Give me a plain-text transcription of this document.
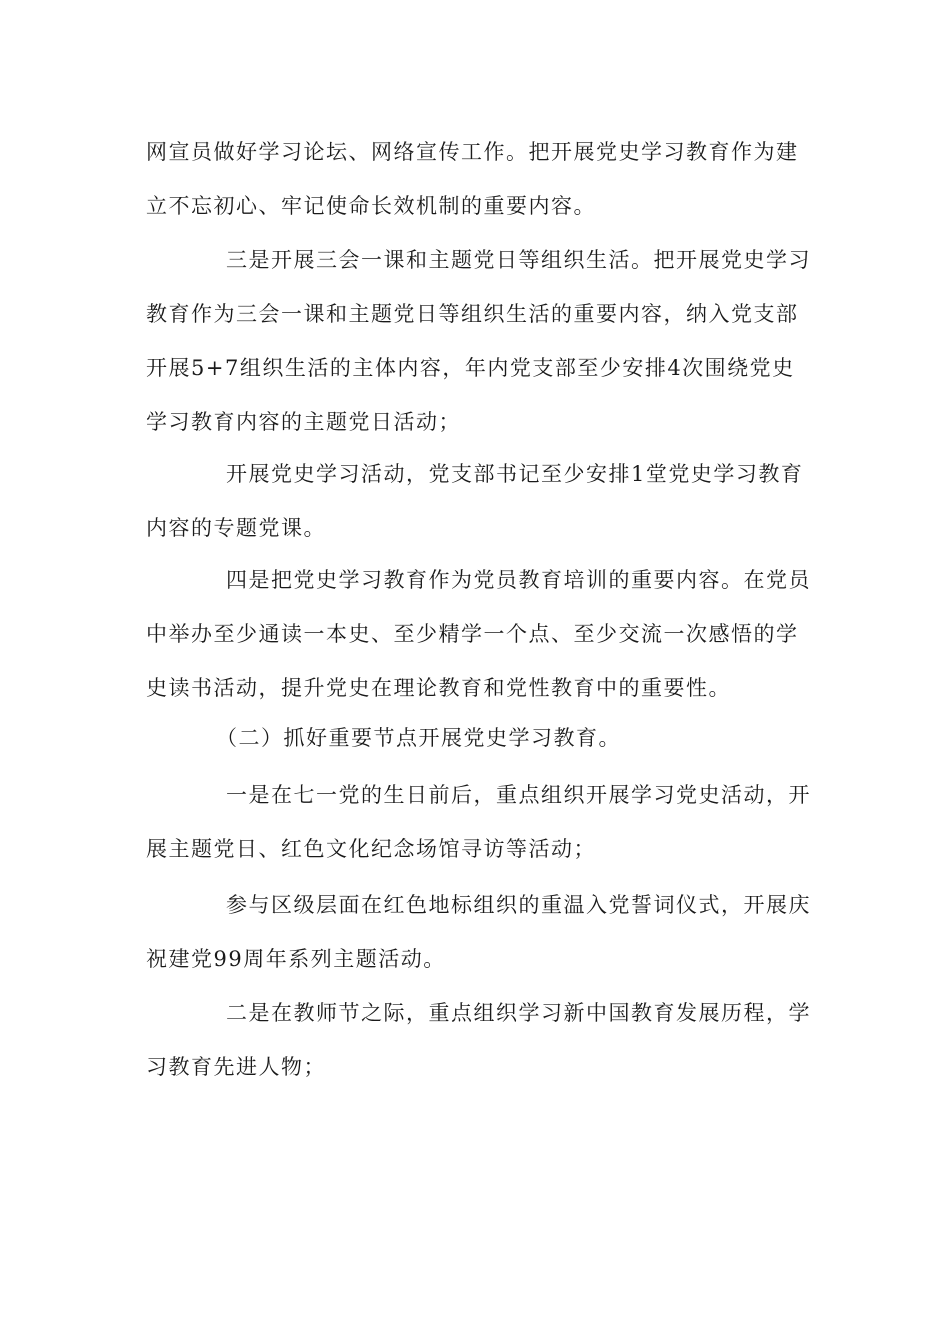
网宣员做好学习论坛、网络宣传工作。把开展党史学习教育作为建
立不忘初心、牢记使命长效机制的重要内容。

三是开展三会一课和主题党日等组织生活。把开展党史学习
教育作为三会一课和主题党日等组织生活的重要内容，纳入党支部
开展5+7组织生活的主体内容，年内党支部至少安排4次围绕党史
学习教育内容的主题党日活动；

开展党史学习活动，党支部书记至少安排1堂党史学习教育
内容的专题党课。

四是把党史学习教育作为党员教育培训的重要内容。在党员
中举办至少通读一本史、至少精学一个点、至少交流一次感悟的学
史读书活动，提升党史在理论教育和党性教育中的重要性。

（二）抓好重要节点开展党史学习教育。

一是在七一党的生日前后，重点组织开展学习党史活动，开
展主题党日、红色文化纪念场馆寻访等活动；

参与区级层面在红色地标组织的重温入党誓词仪式，开展庆
祝建党99周年系列主题活动。

二是在教师节之际，重点组织学习新中国教育发展历程，学
习教育先进人物；
